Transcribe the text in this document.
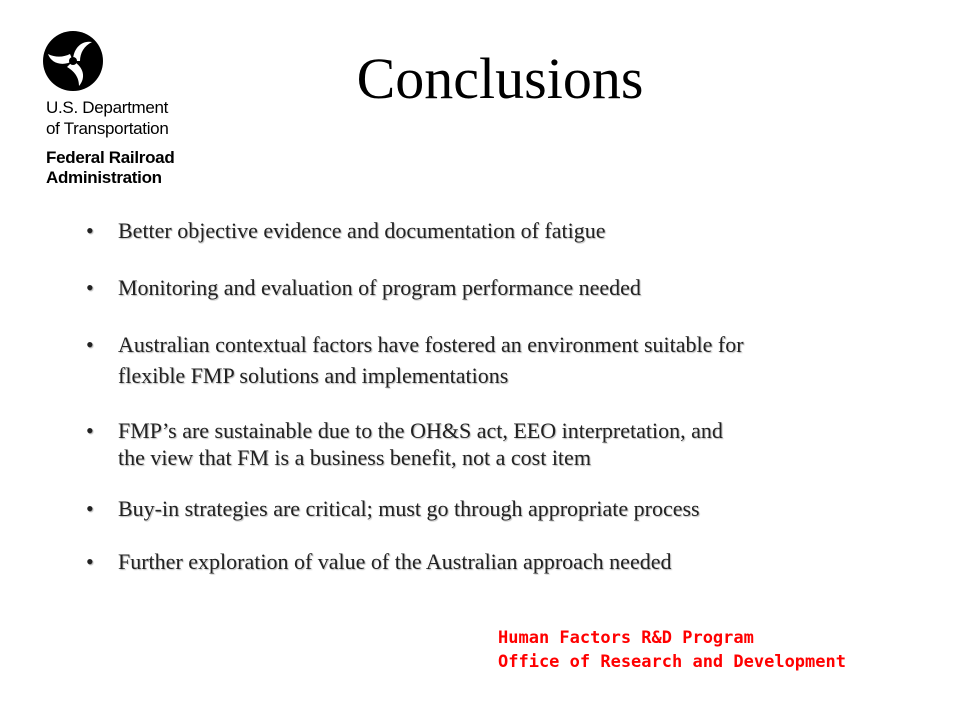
U.S. Department
of Transportation
Federal Railroad
Administration
Conclusions
•	Better objective evidence and documentation of fatigue
•	Monitoring and evaluation of program performance needed
•	Australian contextual factors have fostered an environment suitable for
flexible FMP solutions and implementations
•	FMP’s are sustainable due to the OH&S act, EEO interpretation, and
the view that FM is a business benefit, not a cost item
•	Buy-in strategies are critical; must go through appropriate process
•	Further exploration of value of the Australian approach needed
Human Factors R&D Program
Office of Research and Development
